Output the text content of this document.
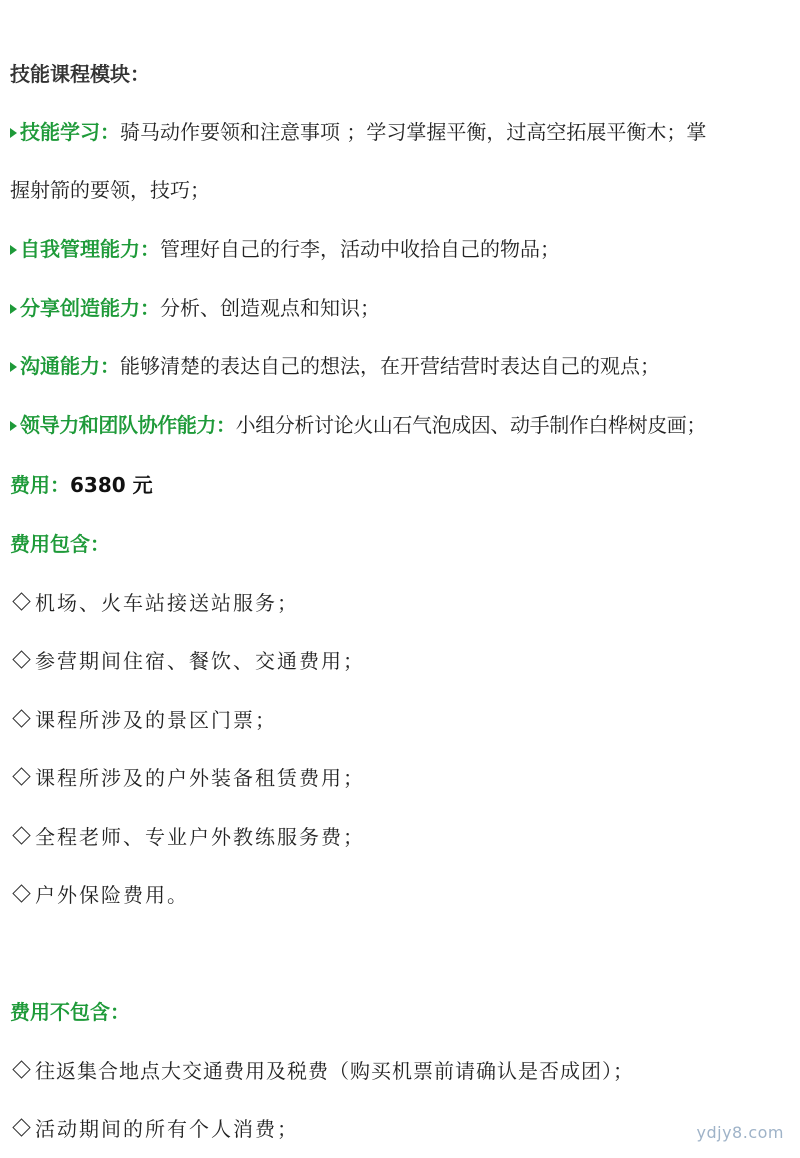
技能课程模块：
技能学习：骑马动作要领和注意事项 ；学习掌握平衡，过高空拓展平衡木；掌
握射箭的要领，技巧；
自我管理能力：管理好自己的行李，活动中收拾自己的物品；
分享创造能力：分析、创造观点和知识；
沟通能力：能够清楚的表达自己的想法，在开营结营时表达自己的观点；
领导力和团队协作能力：小组分析讨论火山石气泡成因、动手制作白桦树皮画；
费用：6380 元
费用包含：
机场、火车站接送站服务；
参营期间住宿、餐饮、交通费用；
课程所涉及的景区门票；
课程所涉及的户外装备租赁费用；
全程老师、专业户外教练服务费；
户外保险费用。
费用不包含：
往返集合地点大交通费用及税费（购买机票前请确认是否成团）；
活动期间的所有个人消费；	ydjy8.com
